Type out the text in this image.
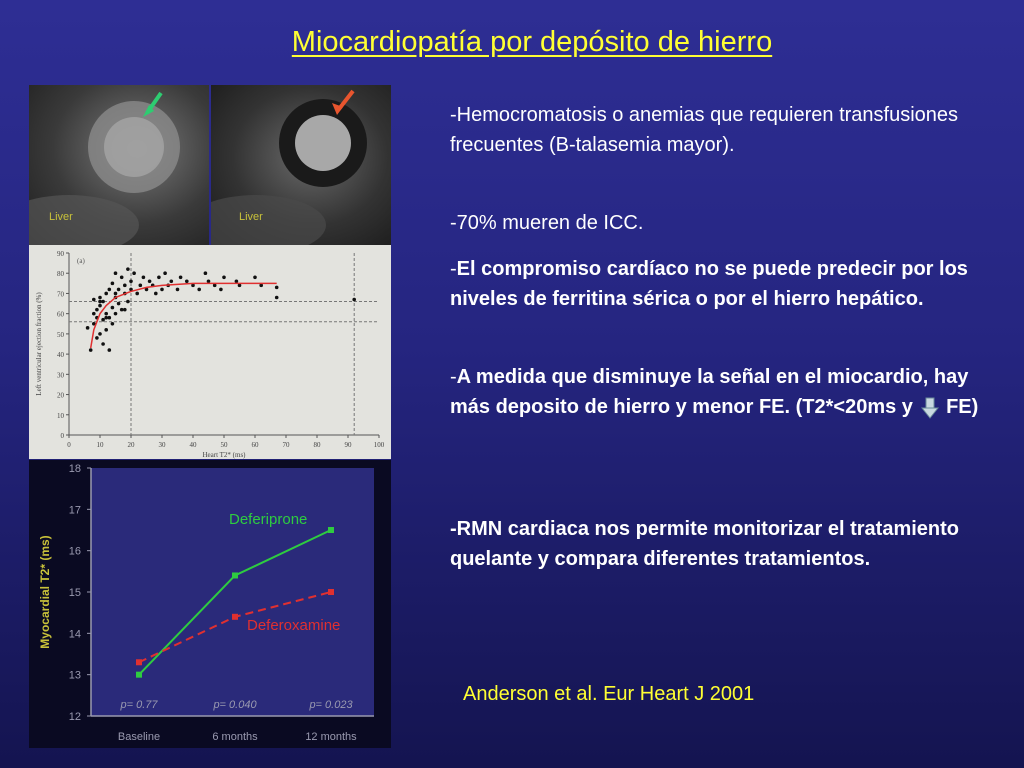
Miocardiopatía por depósito de hierro
Liver	Liver
0
10
20
30
40
50
60
70
80
90
0	10	20	30	40	50	60	70	80	90	100
(a)
Heart T2* (ms)
Left ventricular ejection fraction (%)
12
13
14
15
16
17
18
Myocardial T2* (ms)
Baseline
p= 0.77
6 months
p= 0.040
12 months
p= 0.023
Deferiprone
Deferoxamine
-Hemocromatosis o anemias que requieren transfusiones frecuentes (B-talasemia mayor).
-70% mueren de ICC.
-El compromiso cardíaco no se puede predecir por los niveles de ferritina sérica o por el hierro hepático.
-A medida que disminuye la señal en el miocardio, hay más deposito de hierro y menor FE. (T2*<20ms y FE)
-RMN cardiaca nos permite monitorizar el tratamiento quelante y compara diferentes tratamientos.
Anderson et al. Eur Heart J 2001
